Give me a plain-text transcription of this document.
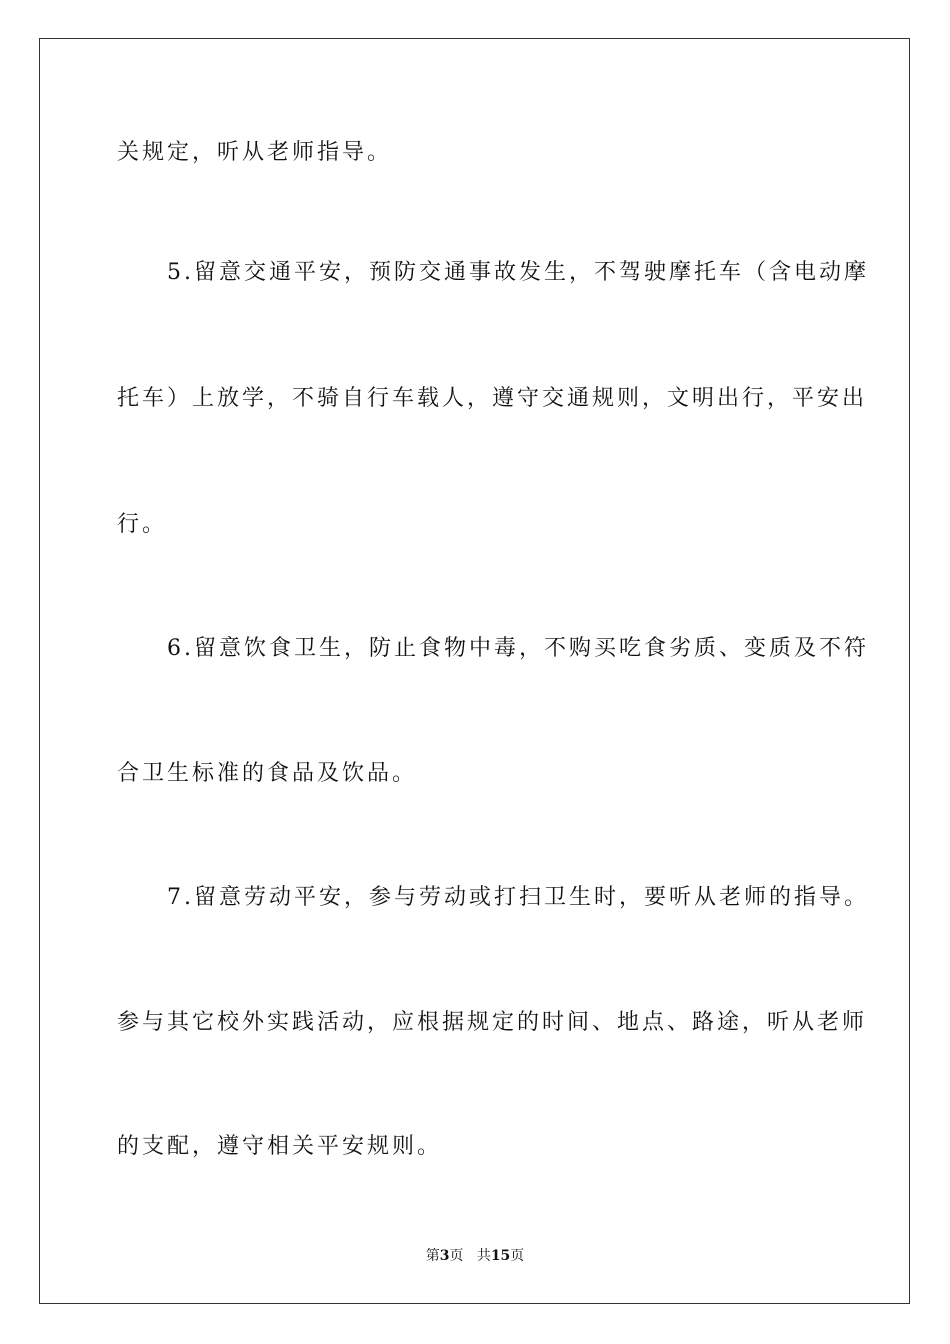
关规定，听从老师指导。

　　5.留意交通平安，预防交通事故发生，不驾驶摩托车（含电动摩

托车）上放学，不骑自行车载人，遵守交通规则，文明出行，平安出

行。

　　6.留意饮食卫生，防止食物中毒，不购买吃食劣质、变质及不符

合卫生标准的食品及饮品。

　　7.留意劳动平安，参与劳动或打扫卫生时，要听从老师的指导。

参与其它校外实践活动，应根据规定的时间、地点、路途，听从老师

的支配，遵守相关平安规则。

第3页 共15页
